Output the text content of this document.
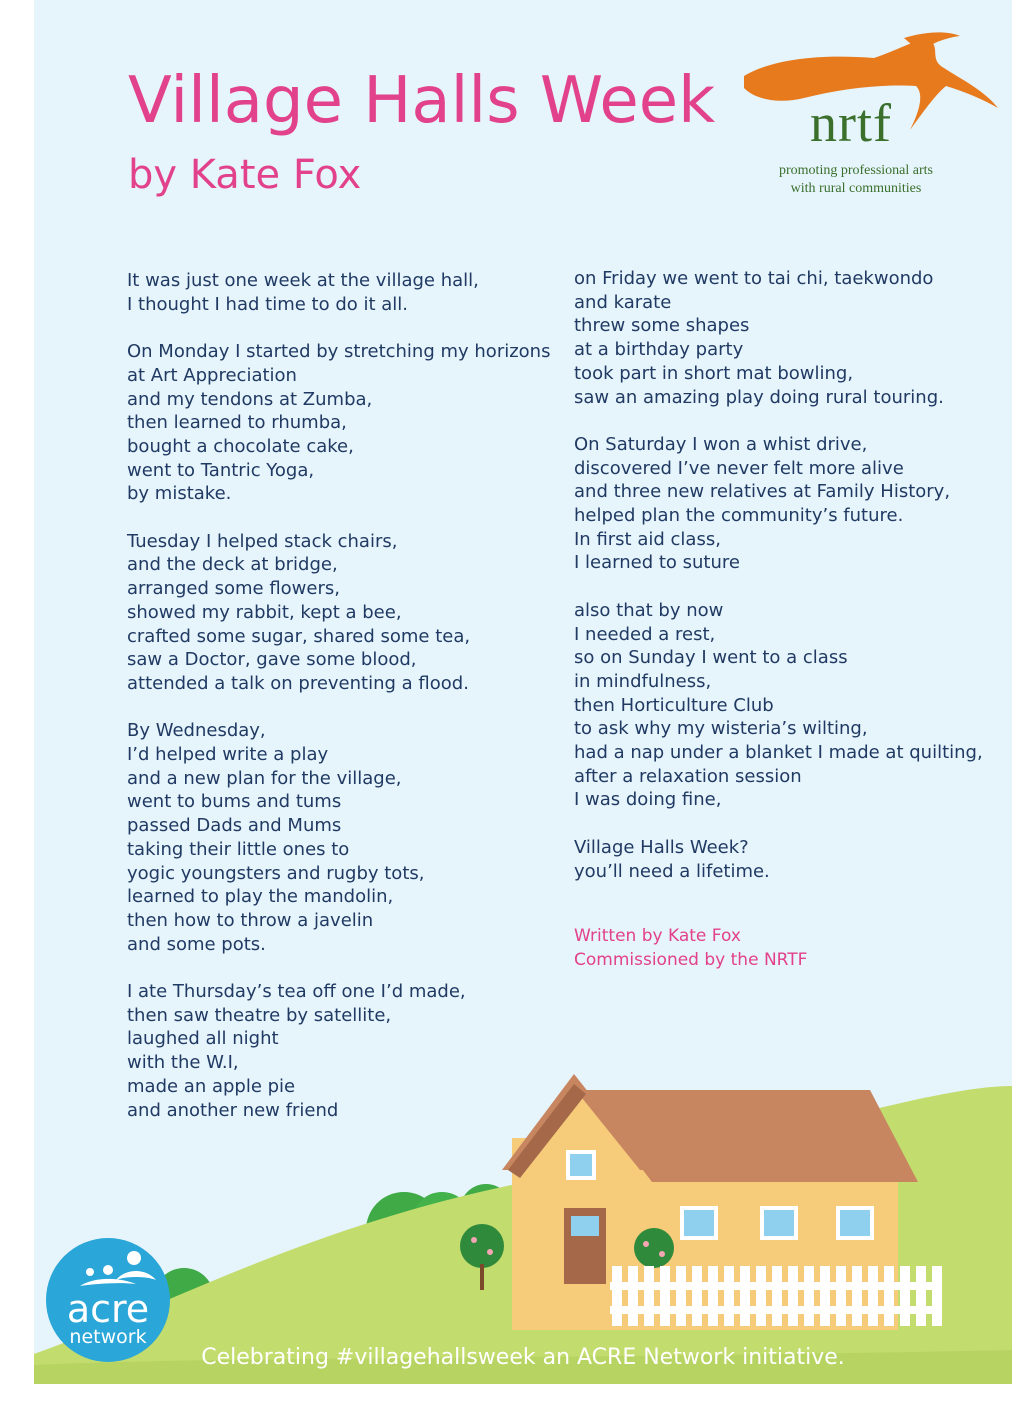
Village Halls Week
by Kate Fox
nrtf
promoting professional arts
with rural communities
It was just one week at the village hall,
I thought I had time to do it all.
On Monday I started by stretching my horizons
at Art Appreciation
and my tendons at Zumba,
then learned to rhumba,
bought a chocolate cake,
went to Tantric Yoga,
by mistake.
Tuesday I helped stack chairs,
and the deck at bridge,
arranged some flowers,
showed my rabbit, kept a bee,
crafted some sugar, shared some tea,
saw a Doctor, gave some blood,
attended a talk on preventing a flood.
By Wednesday,
I’d helped write a play
and a new plan for the village,
went to bums and tums
passed Dads and Mums
taking their little ones to
yogic youngsters and rugby tots,
learned to play the mandolin,
then how to throw a javelin
and some pots.
I ate Thursday’s tea off one I’d made,
then saw theatre by satellite,
laughed all night
with the W.I,
made an apple pie
and another new friend
on Friday we went to tai chi, taekwondo
and karate
threw some shapes
at a birthday party
took part in short mat bowling,
saw an amazing play doing rural touring.
On Saturday I won a whist drive,
discovered I’ve never felt more alive
and three new relatives at Family History,
helped plan the community’s future.
In first aid class,
I learned to suture
also that by now
I needed a rest,
so on Sunday I went to a class
in mindfulness,
then Horticulture Club
to ask why my wisteria’s wilting,
had a nap under a blanket I made at quilting,
after a relaxation session
I was doing fine,
Village Halls Week?
you’ll need a lifetime.
Written by Kate Fox
Commissioned by the NRTF
acre
network
Celebrating #villagehallsweek an ACRE Network initiative.
